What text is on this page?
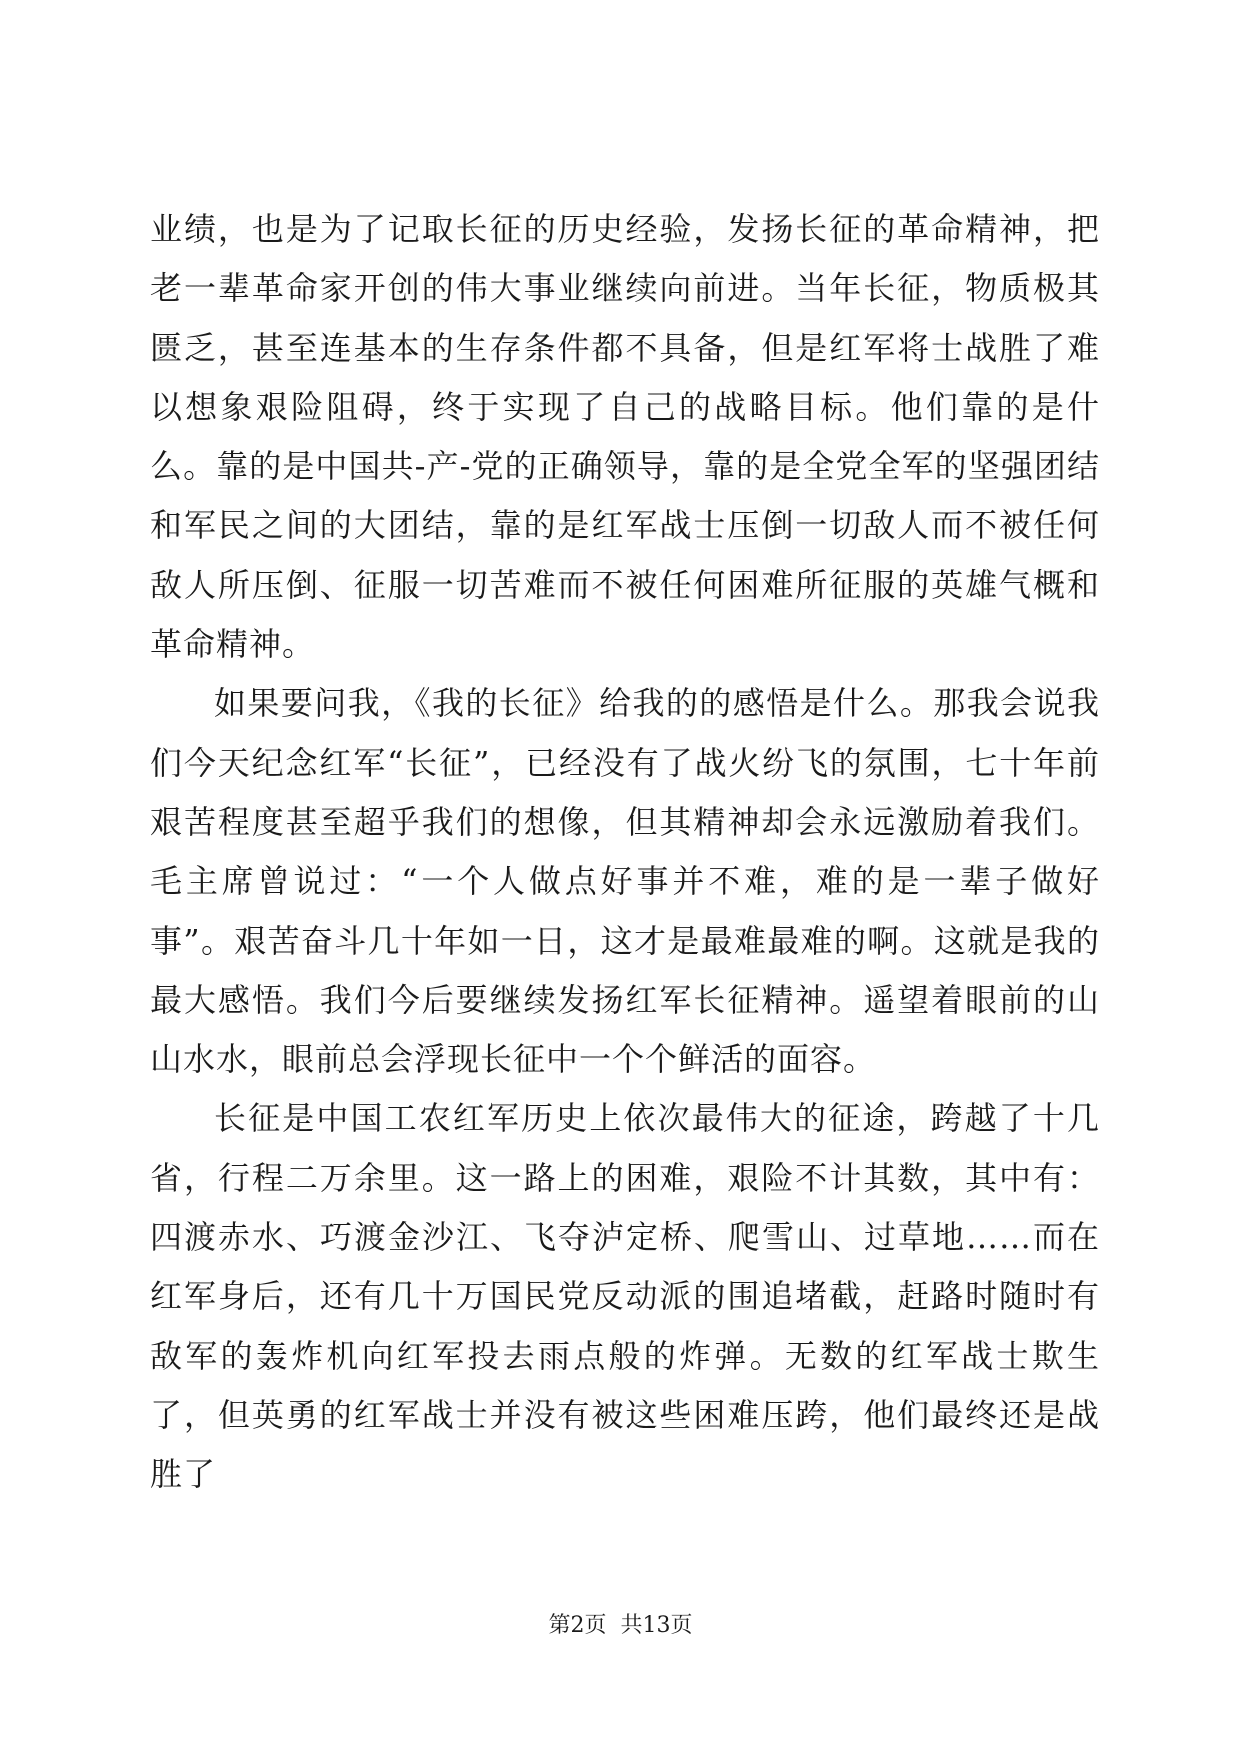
业绩，也是为了记取长征的历史经验，发扬长征的革命精神，把老一辈革命家开创的伟大事业继续向前进。当年长征，物质极其匮乏，甚至连基本的生存条件都不具备，但是红军将士战胜了难以想象艰险阻碍，终于实现了自己的战略目标。他们靠的是什么。靠的是中国共-产-党的正确领导，靠的是全党全军的坚强团结和军民之间的大团结，靠的是红军战士压倒一切敌人而不被任何敌人所压倒、征服一切苦难而不被任何困难所征服的英雄气概和革命精神。

如果要问我，《我的长征》给我的的感悟是什么。那我会说我们今天纪念红军“长征”，已经没有了战火纷飞的氛围，七十年前艰苦程度甚至超乎我们的想像，但其精神却会永远激励着我们。毛主席曾说过：“一个人做点好事并不难，难的是一辈子做好事”。艰苦奋斗几十年如一日，这才是最难最难的啊。这就是我的最大感悟。我们今后要继续发扬红军长征精神。遥望着眼前的山山水水，眼前总会浮现长征中一个个鲜活的面容。

长征是中国工农红军历史上依次最伟大的征途，跨越了十几省，行程二万余里。这一路上的困难，艰险不计其数，其中有：四渡赤水、巧渡金沙江、飞夺泸定桥、爬雪山、过草地……而在红军身后，还有几十万国民党反动派的围追堵截，赶路时随时有敌军的轰炸机向红军投去雨点般的炸弹。无数的红军战士欺生了，但英勇的红军战士并没有被这些困难压跨，他们最终还是战胜了

第2页 共13页
